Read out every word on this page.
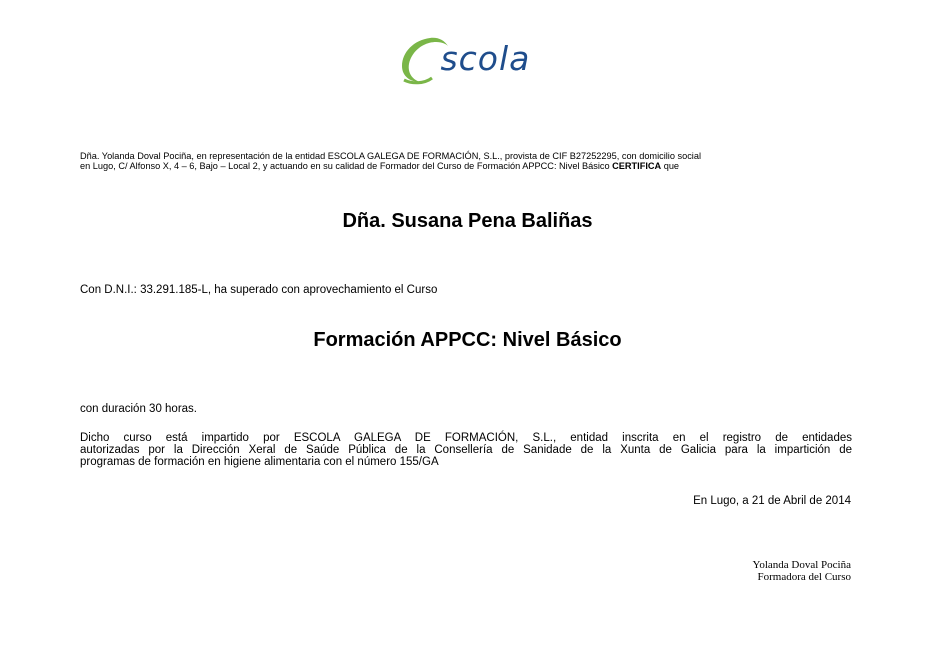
e scola
Dña. Yolanda Doval Pociña, en representación de la entidad ESCOLA GALEGA DE FORMACIÓN, S.L., provista de CIF B27252295, con domicilio social
en Lugo, C/ Alfonso X, 4 – 6, Bajo – Local 2, y actuando en su calidad de Formador del Curso de Formación APPCC: Nivel Básico CERTIFICA que
Dña. Susana Pena Baliñas
Con D.N.I.: 33.291.185-L, ha superado con aprovechamiento el Curso
Formación APPCC: Nivel Básico
con duración 30 horas.
Dicho curso está impartido por ESCOLA GALEGA DE FORMACIÓN, S.L., entidad inscrita en el registro de entidades
autorizadas por la Dirección Xeral de Saúde Pública de la Consellería de Sanidade de la Xunta de Galicia para la impartición de
programas de formación en higiene alimentaria con el número 155/GA
En Lugo, a 21 de Abril de 2014
Yolanda Doval Pociña
Formadora del Curso
